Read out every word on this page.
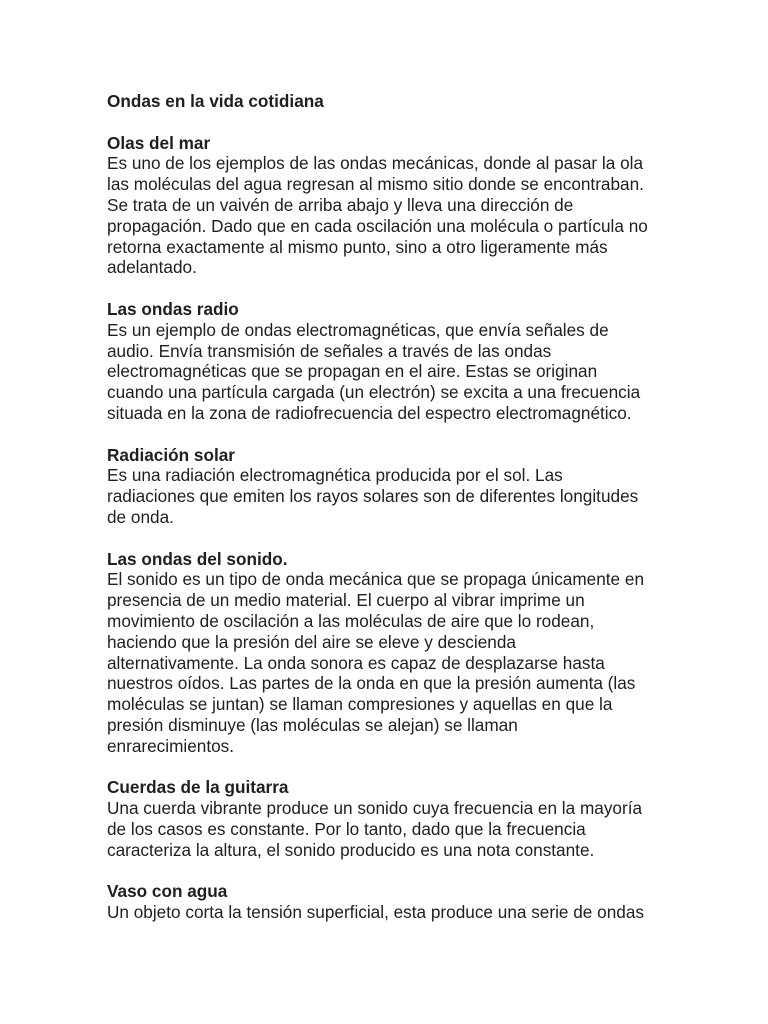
Ondas en la vida cotidiana
Olas del mar
Es uno de los ejemplos de las ondas mecánicas, donde al pasar la ola
las moléculas del agua regresan al mismo sitio donde se encontraban.
Se trata de un vaivén de arriba abajo y lleva una dirección de
propagación. Dado que en cada oscilación una molécula o partícula no
retorna exactamente al mismo punto, sino a otro ligeramente más
adelantado.
Las ondas radio
Es un ejemplo de ondas electromagnéticas, que envía señales de
audio. Envía transmisión de señales a través de las ondas
electromagnéticas que se propagan en el aire. Estas se originan
cuando una partícula cargada (un electrón) se excita a una frecuencia
situada en la zona de radiofrecuencia del espectro electromagnético.
Radiación solar
Es una radiación electromagnética producida por el sol. Las
radiaciones que emiten los rayos solares son de diferentes longitudes
de onda.
Las ondas del sonido.
El sonido es un tipo de onda mecánica que se propaga únicamente en
presencia de un medio material. El cuerpo al vibrar imprime un
movimiento de oscilación a las moléculas de aire que lo rodean,
haciendo que la presión del aire se eleve y descienda
alternativamente. La onda sonora es capaz de desplazarse hasta
nuestros oídos. Las partes de la onda en que la presión aumenta (las
moléculas se juntan) se llaman compresiones y aquellas en que la
presión disminuye (las moléculas se alejan) se llaman
enrarecimientos.
Cuerdas de la guitarra
Una cuerda vibrante produce un sonido cuya frecuencia en la mayoría
de los casos es constante. Por lo tanto, dado que la frecuencia
caracteriza la altura, el sonido producido es una nota constante.
Vaso con agua
Un objeto corta la tensión superficial, esta produce una serie de ondas
